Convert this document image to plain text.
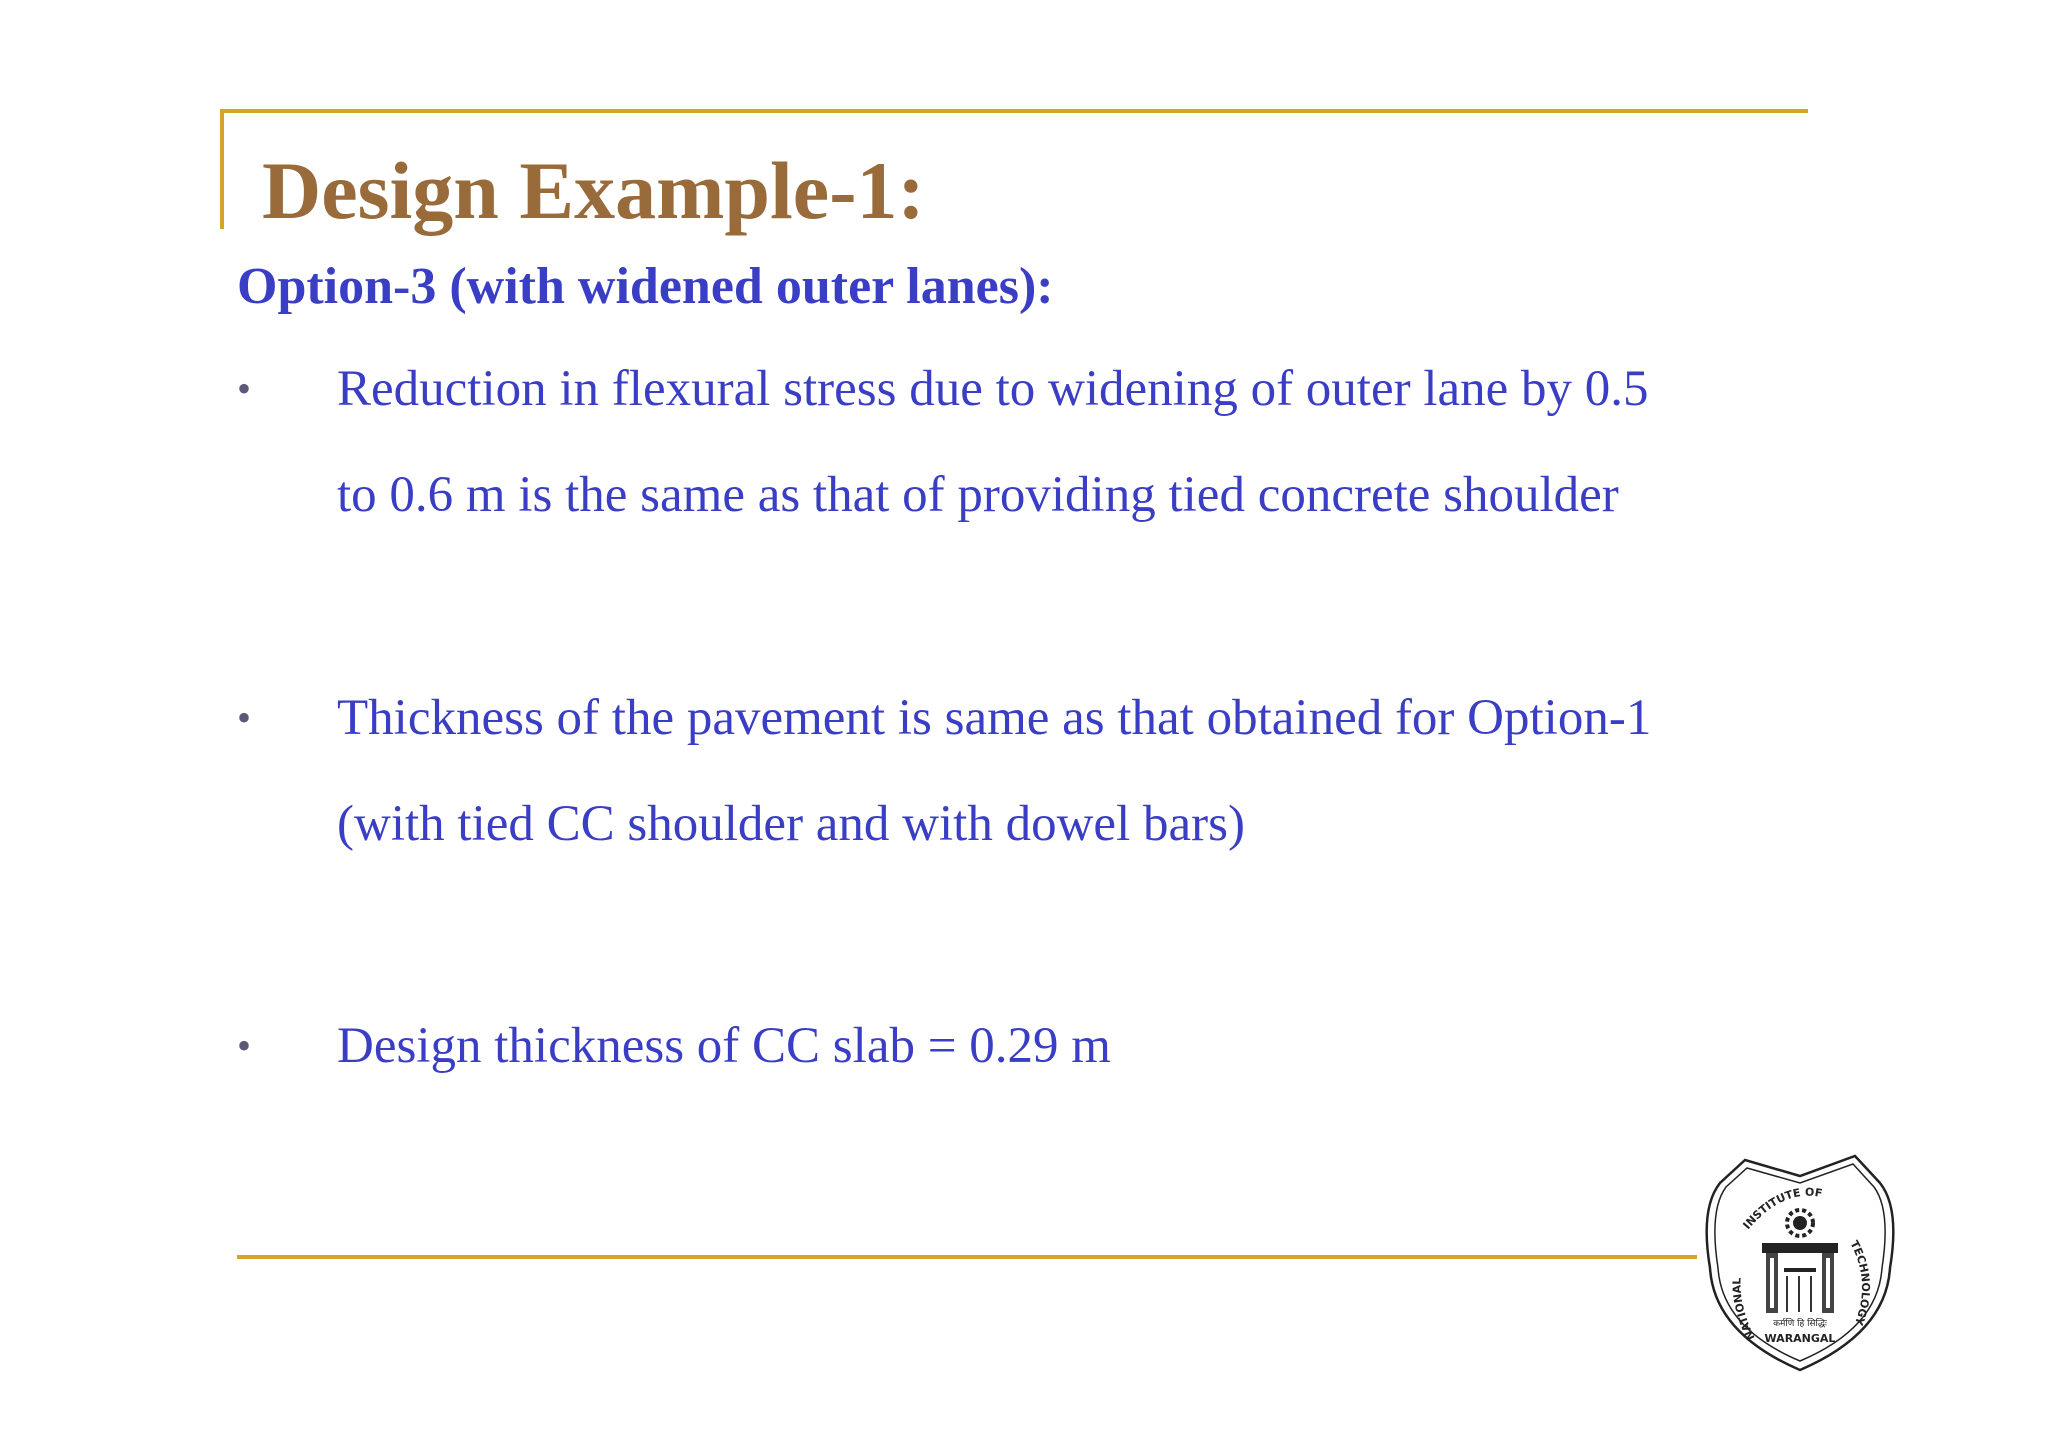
Design Example-1:
Option-3 (with widened outer lanes):
• Reduction in flexural stress due to widening of outer lane by 0.5
to 0.6 m is the same as that of providing tied concrete shoulder
• Thickness of the pavement is same as that obtained for Option-1
(with tied CC shoulder and with dowel bars)
• Design thickness of CC slab = 0.29 m
INSTITUTE OF
NATIONAL
TECHNOLOGY
कर्मणि हि सिद्धिः
WARANGAL
